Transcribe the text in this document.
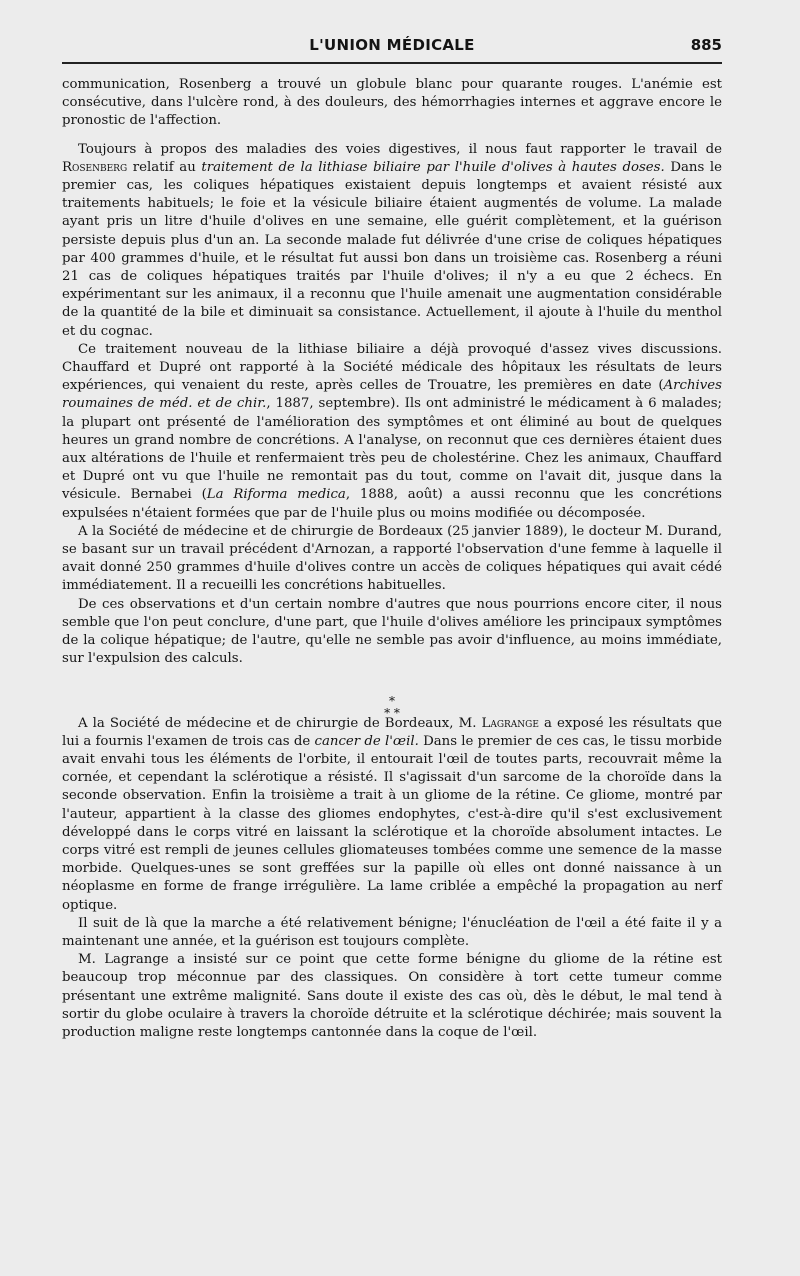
L'UNION MÉDICALE	885

communication, Rosenberg a trouvé un globule blanc pour quarante rouges. L'anémie est consécutive, dans l'ulcère rond, à des douleurs, des hémorrhagies internes et aggrave encore le pronostic de l'affection.

Toujours à propos des maladies des voies digestives, il nous faut rapporter le travail de Rosenberg relatif au traitement de la lithiase biliaire par l'huile d'olives à hautes doses. Dans le premier cas, les coliques hépatiques existaient depuis longtemps et avaient résisté aux traitements habituels; le foie et la vésicule biliaire étaient augmentés de volume. La malade ayant pris un litre d'huile d'olives en une semaine, elle guérit complètement, et la guérison persiste depuis plus d'un an. La seconde malade fut délivrée d'une crise de coliques hépatiques par 400 grammes d'huile, et le résultat fut aussi bon dans un troisième cas. Rosenberg a réuni 21 cas de coliques hépatiques traités par l'huile d'olives; il n'y a eu que 2 échecs. En expérimentant sur les animaux, il a reconnu que l'huile amenait une augmentation considérable de la quantité de la bile et diminuait sa consistance. Actuellement, il ajoute à l'huile du menthol et du cognac.

Ce traitement nouveau de la lithiase biliaire a déjà provoqué d'assez vives discussions. Chauffard et Dupré ont rapporté à la Société médicale des hôpitaux les résultats de leurs expériences, qui venaient du reste, après celles de Trouatre, les premières en date (Archives roumaines de méd. et de chir., 1887, septembre). Ils ont administré le médicament à 6 malades; la plupart ont présenté de l'amélioration des symptômes et ont éliminé au bout de quelques heures un grand nombre de concrétions. A l'analyse, on reconnut que ces dernières étaient dues aux altérations de l'huile et renfermaient très peu de cholestérine. Chez les animaux, Chauffard et Dupré ont vu que l'huile ne remontait pas du tout, comme on l'avait dit, jusque dans la vésicule. Bernabei (La Riforma medica, 1888, août) a aussi reconnu que les concrétions expulsées n'étaient formées que par de l'huile plus ou moins modifiée ou décomposée.

A la Société de médecine et de chirurgie de Bordeaux (25 janvier 1889), le docteur M. Durand, se basant sur un travail précédent d'Arnozan, a rapporté l'observation d'une femme à laquelle il avait donné 250 grammes d'huile d'olives contre un accès de coliques hépatiques qui avait cédé immédiatement. Il a recueilli les concrétions habituelles.

De ces observations et d'un certain nombre d'autres que nous pourrions encore citer, il nous semble que l'on peut conclure, d'une part, que l'huile d'olives améliore les principaux symptômes de la colique hépatique; de l'autre, qu'elle ne semble pas avoir d'influence, au moins immédiate, sur l'expulsion des calculs.

*
* *

A la Société de médecine et de chirurgie de Bordeaux, M. Lagrange a exposé les résultats que lui a fournis l'examen de trois cas de cancer de l'œil. Dans le premier de ces cas, le tissu morbide avait envahi tous les éléments de l'orbite, il entourait l'œil de toutes parts, recouvrait même la cornée, et cependant la sclérotique a résisté. Il s'agissait d'un sarcome de la choroïde dans la seconde observation. Enfin la troisième a trait à un gliome de la rétine. Ce gliome, montré par l'auteur, appartient à la classe des gliomes endophytes, c'est-à-dire qu'il s'est exclusivement développé dans le corps vitré en laissant la sclérotique et la choroïde absolument intactes. Le corps vitré est rempli de jeunes cellules gliomateuses tombées comme une semence de la masse morbide. Quelques-unes se sont greffées sur la papille où elles ont donné naissance à un néoplasme en forme de frange irrégulière. La lame criblée a empêché la propagation au nerf optique.

Il suit de là que la marche a été relativement bénigne; l'énucléation de l'œil a été faite il y a maintenant une année, et la guérison est toujours complète.

M. Lagrange a insisté sur ce point que cette forme bénigne du gliome de la rétine est beaucoup trop méconnue par des classiques. On considère à tort cette tumeur comme présentant une extrême malignité. Sans doute il existe des cas où, dès le début, le mal tend à sortir du globe oculaire à travers la choroïde détruite et la sclérotique déchirée; mais souvent la production maligne reste longtemps cantonnée dans la coque de l'œil.
